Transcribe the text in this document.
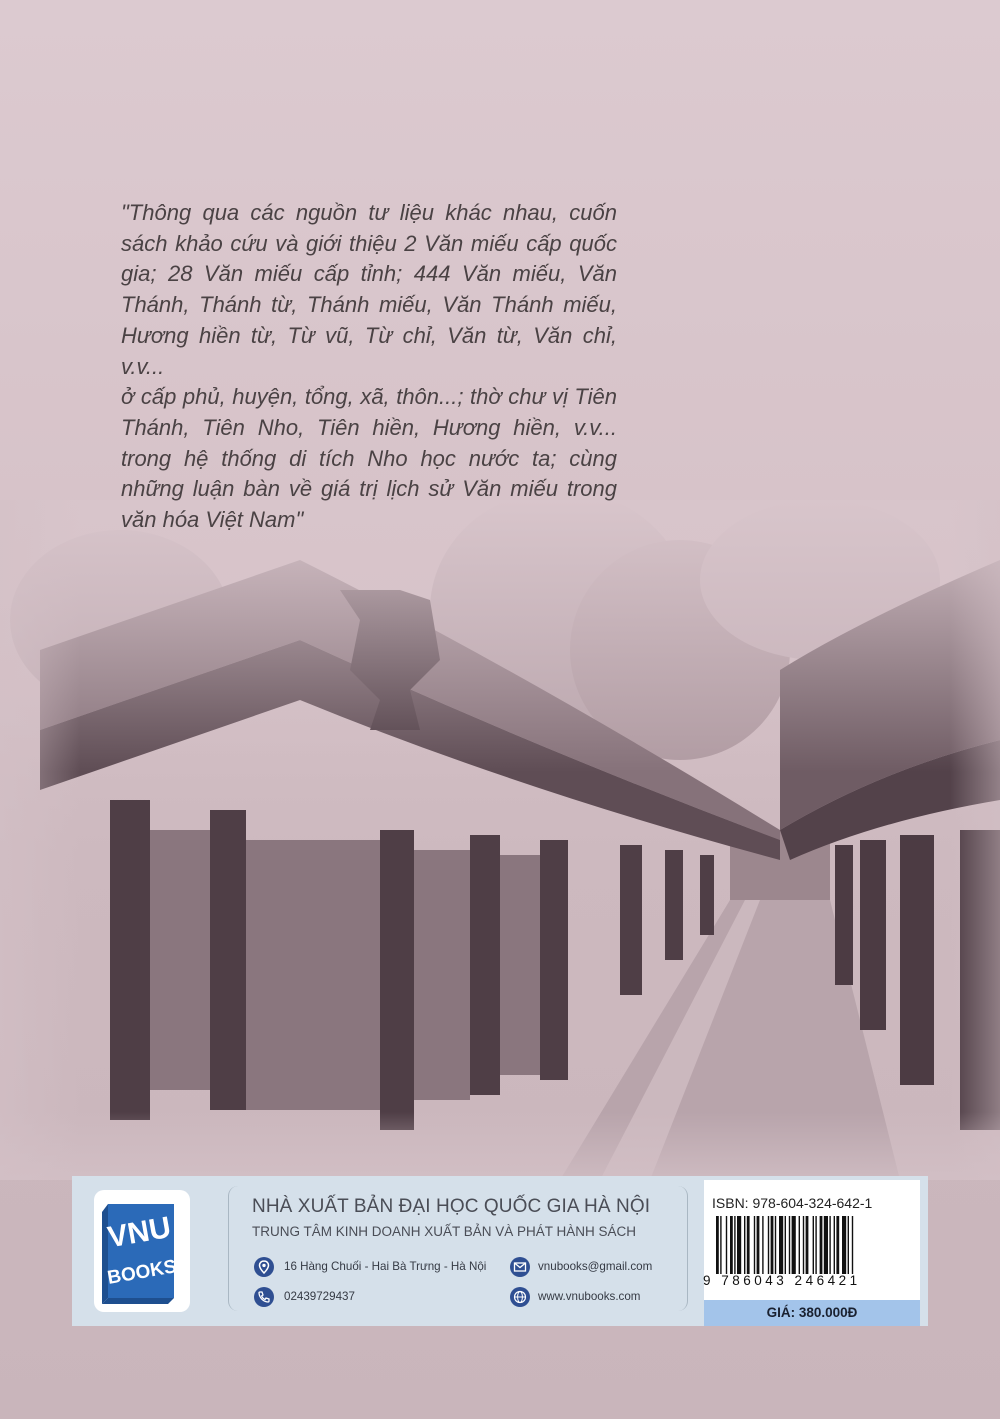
"Thông qua các nguồn tư liệu khác nhau, cuốn
sách khảo cứu và giới thiệu 2 Văn miếu cấp quốc
gia; 28 Văn miếu cấp tỉnh; 444 Văn miếu, Văn
Thánh, Thánh từ, Thánh miếu, Văn Thánh miếu,
Hương hiền từ, Từ vũ, Từ chỉ, Văn từ, Văn chỉ, v.v...
ở cấp phủ, huyện, tổng, xã, thôn...; thờ chư vị Tiên
Thánh, Tiên Nho, Tiên hiền, Hương hiền, v.v...
trong hệ thống di tích Nho học nước ta; cùng
những luận bàn về giá trị lịch sử Văn miếu trong
văn hóa Việt Nam"

VNU
BOOKS
NHÀ XUẤT BẢN ĐẠI HỌC QUỐC GIA HÀ NỘI
TRUNG TÂM KINH DOANH XUẤT BẢN VÀ PHÁT HÀNH SÁCH
16 Hàng Chuối - Hai Bà Trưng - Hà Nội
02439729437
vnubooks@gmail.com
www.vnubooks.com
ISBN: 978-604-324-642-1
9 786043 246421
GIÁ: 380.000Đ
